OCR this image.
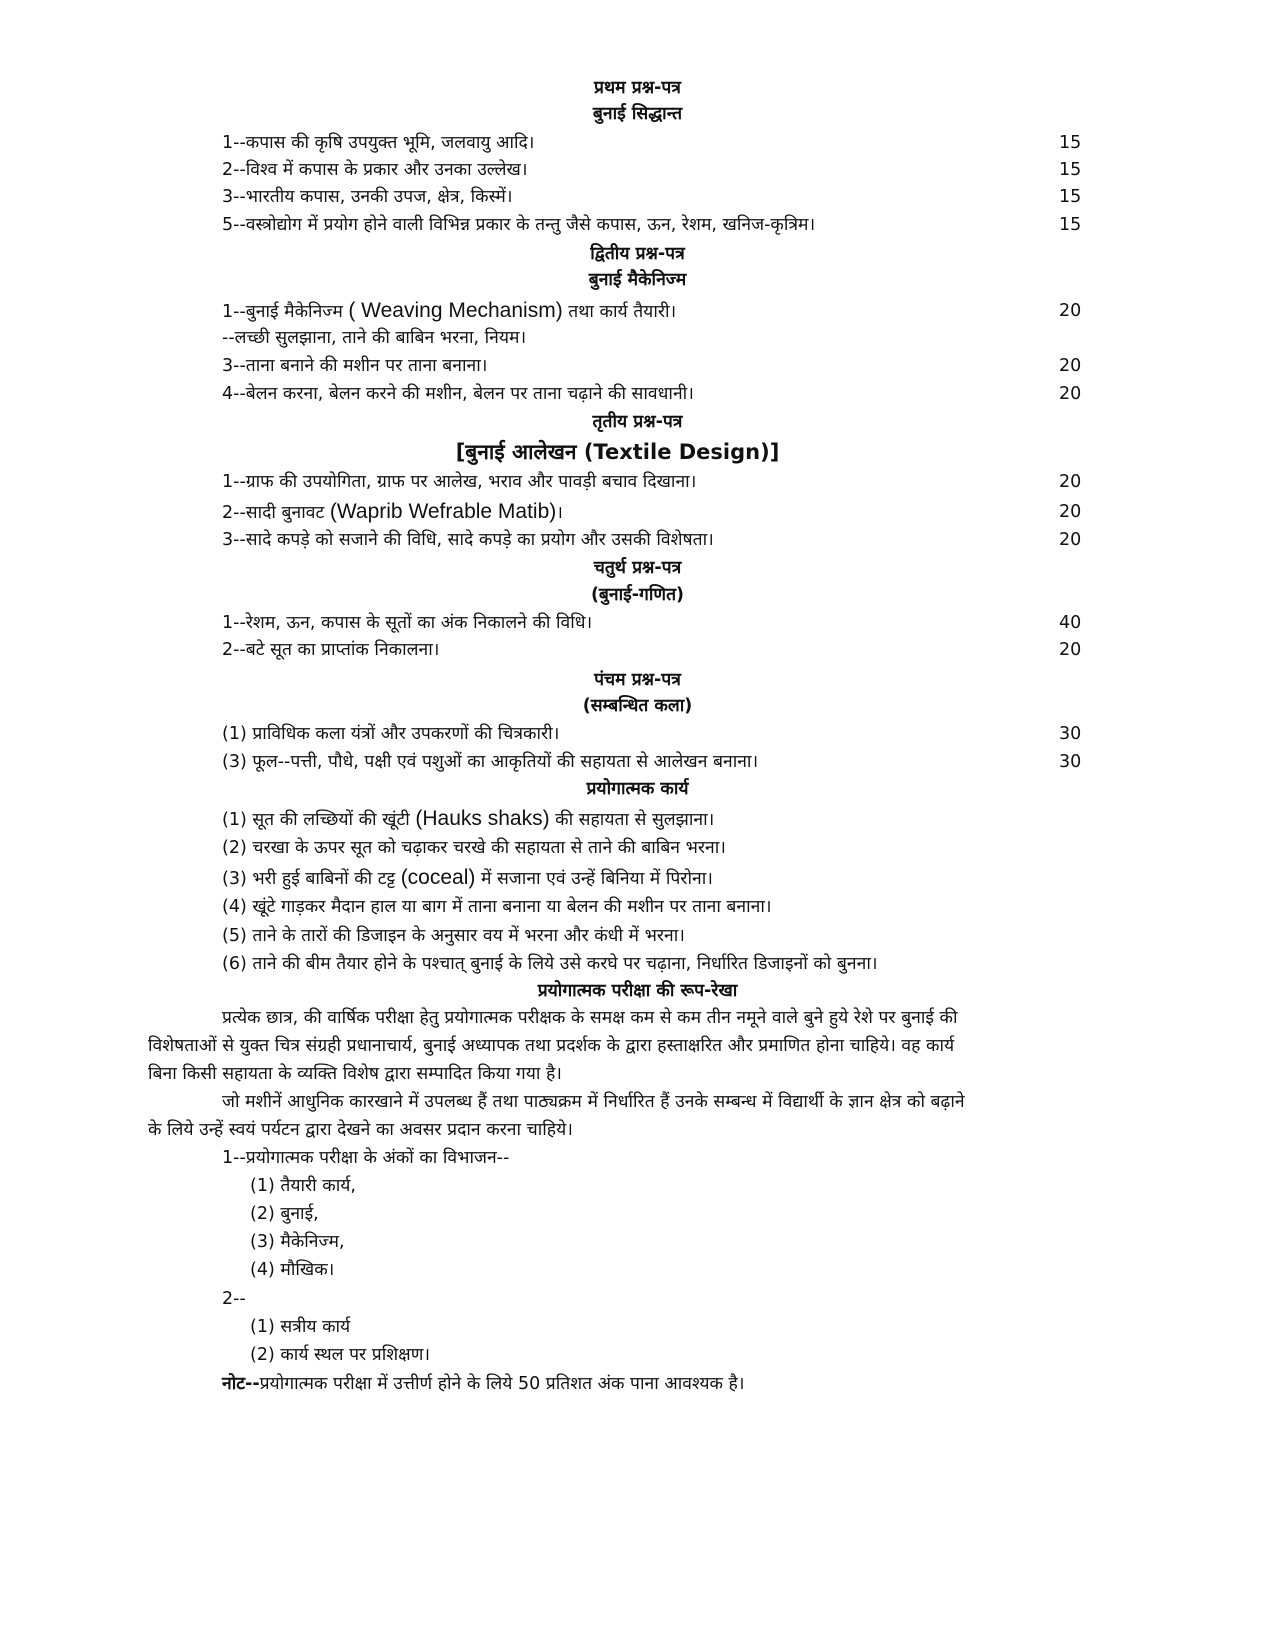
प्रथम प्रश्न-पत्र
बुनाई सिद्धान्त
1--कपास की कृषि उपयुक्त भूमि, जलवायु आदि।	15
2--विश्व में कपास के प्रकार और उनका उल्लेख।	15
3--भारतीय कपास, उनकी उपज, क्षेत्र, किस्में।	15
5--वस्त्रोद्योग में प्रयोग होने वाली विभिन्न प्रकार के तन्तु जैसे कपास, ऊन, रेशम, खनिज-कृत्रिम।	15
द्वितीय प्रश्न-पत्र
बुनाई मैकेनिज्म
1--बुनाई मैकेनिज्म ( Weaving Mechanism) तथा कार्य तैयारी।	20
--लच्छी सुलझाना, ताने की बाबिन भरना, नियम।
3--ताना बनाने की मशीन पर ताना बनाना।	20
4--बेलन करना, बेलन करने की मशीन, बेलन पर ताना चढ़ाने की सावधानी।	20
तृतीय प्रश्न-पत्र
[बुनाई आलेखन (Textile Design)]
1--ग्राफ की उपयोगिता, ग्राफ पर आलेख, भराव और पावड़ी बचाव दिखाना।	20
2--सादी बुनावट (Waprib Wefrable Matib)।	20
3--सादे कपड़े को सजाने की विधि, सादे कपड़े का प्रयोग और उसकी विशेषता।	20
चतुर्थ प्रश्न-पत्र
(बुनाई-गणित)
1--रेशम, ऊन, कपास के सूतों का अंक निकालने की विधि।	40
2--बटे सूत का प्राप्तांक निकालना।	20
पंचम प्रश्न-पत्र
(सम्बन्धित कला)
(1) प्राविधिक कला यंत्रों और उपकरणों की चित्रकारी।	30
(3) फूल--पत्ती, पौधे, पक्षी एवं पशुओं का आकृतियों की सहायता से आलेखन बनाना।	30
प्रयोगात्मक कार्य
(1) सूत की लच्छियों की खूंटी (Hauks shaks) की सहायता से सुलझाना।
(2) चरखा के ऊपर सूत को चढ़ाकर चरखे की सहायता से ताने की बाबिन भरना।
(3) भरी हुई बाबिनों की टट्ट (coceal) में सजाना एवं उन्हें बिनिया में पिरोना।
(4) खूंटे गाड़कर मैदान हाल या बाग में ताना बनाना या बेलन की मशीन पर ताना बनाना।
(5) ताने के तारों की डिजाइन के अनुसार वय में भरना और कंधी में भरना।
(6) ताने की बीम तैयार होने के पश्चात् बुनाई के लिये उसे करघे पर चढ़ाना, निर्धारित डिजाइनों को बुनना।
प्रयोगात्मक परीक्षा की रूप-रेखा
प्रत्येक छात्र, की वार्षिक परीक्षा हेतु प्रयोगात्मक परीक्षक के समक्ष कम से कम तीन नमूने वाले बुने हुये रेशे पर बुनाई की
विशेषताओं से युक्त चित्र संग्रही प्रधानाचार्य, बुनाई अध्यापक तथा प्रदर्शक के द्वारा हस्ताक्षरित और प्रमाणित होना चाहिये। वह कार्य
बिना किसी सहायता के व्यक्ति विशेष द्वारा सम्पादित किया गया है।
जो मशीनें आधुनिक कारखाने में उपलब्ध हैं तथा पाठ्यक्रम में निर्धारित हैं उनके सम्बन्ध में विद्यार्थी के ज्ञान क्षेत्र को बढ़ाने
के लिये उन्हें स्वयं पर्यटन द्वारा देखने का अवसर प्रदान करना चाहिये।
1--प्रयोगात्मक परीक्षा के अंकों का विभाजन--
(1) तैयारी कार्य,
(2) बुनाई,
(3) मैकेनिज्म,
(4) मौखिक।
2--
(1) सत्रीय कार्य
(2) कार्य स्थल पर प्रशिक्षण।
नोट--प्रयोगात्मक परीक्षा में उत्तीर्ण होने के लिये 50 प्रतिशत अंक पाना आवश्यक है।
